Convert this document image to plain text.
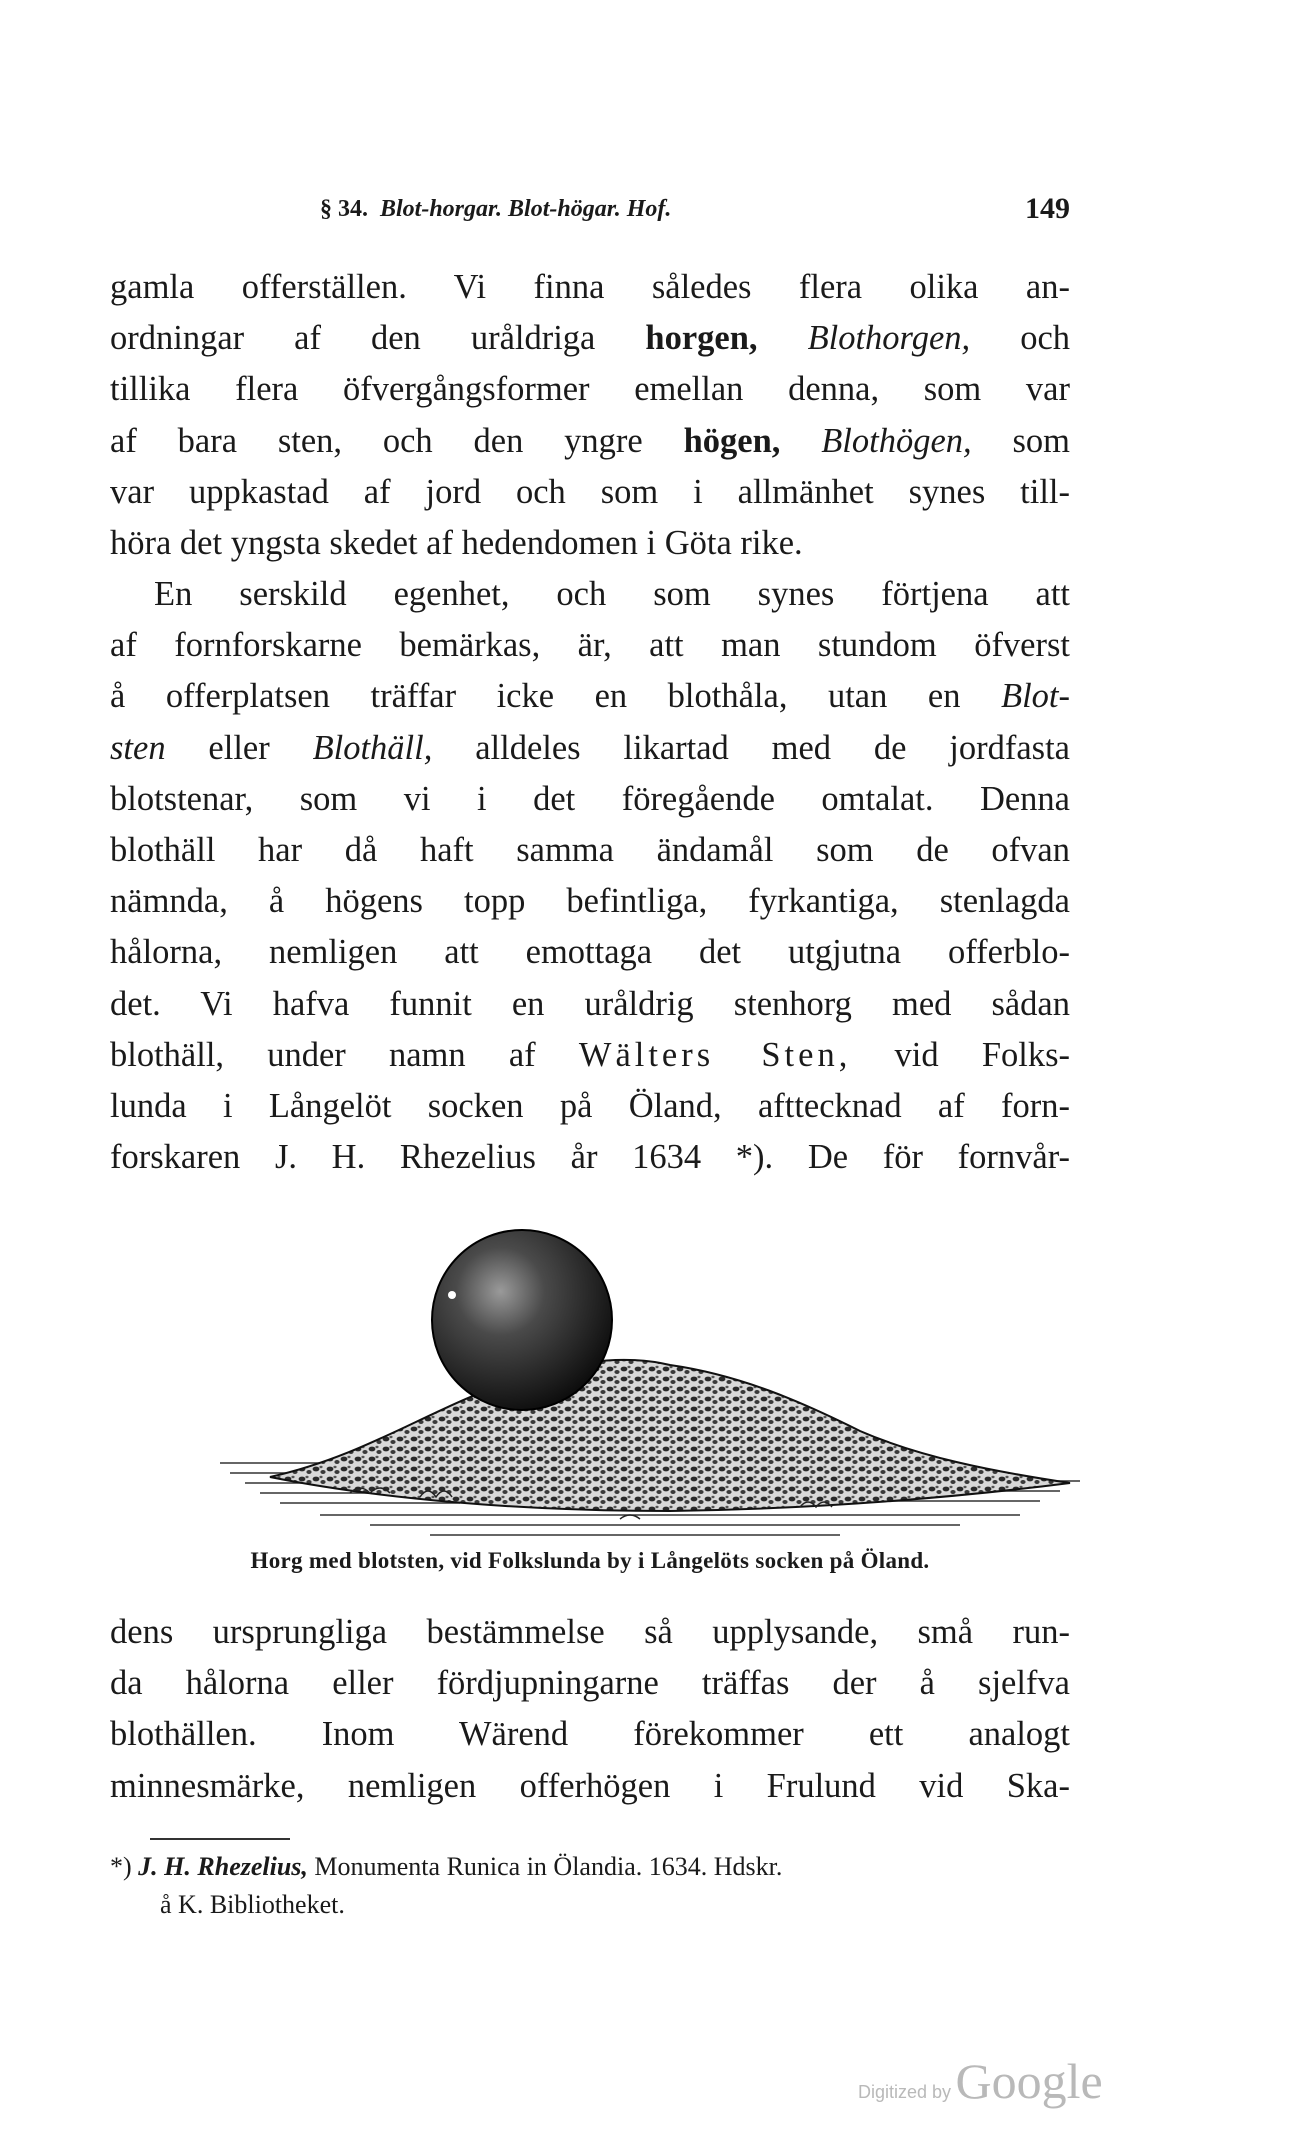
§ 34. Blot-horgar. Blot-högar. Hof.	149
gamla offerställen. Vi finna således flera olika an-
ordningar af den uråldriga horgen, Blothorgen, och
tillika flera öfvergångsformer emellan denna, som var
af bara sten, och den yngre högen, Blothögen, som
var uppkastad af jord och som i allmänhet synes till-
höra det yngsta skedet af hedendomen i Göta rike.
En serskild egenhet, och som synes förtjena att
af fornforskarne bemärkas, är, att man stundom öfverst
å offerplatsen träffar icke en blothåla, utan en Blot-
sten eller Blothäll, alldeles likartad med de jordfasta
blotstenar, som vi i det föregående omtalat. Denna
blothäll har då haft samma ändamål som de ofvan
nämnda, å högens topp befintliga, fyrkantiga, stenlagda
hålorna, nemligen att emottaga det utgjutna offerblo-
det. Vi hafva funnit en uråldrig stenhorg med sådan
blothäll, under namn af Wälters Sten, vid Folks-
lunda i Långelöt socken på Öland, afttecknad af forn-
forskaren J. H. Rhezelius år 1634 *). De för fornvår-
Horg med blotsten, vid Folkslunda by i Långelöts socken på Öland.
dens ursprungliga bestämmelse så upplysande, små run-
da hålorna eller fördjupningarne träffas der å sjelfva
blothällen. Inom Wärend förekommer ett analogt
minnesmärke, nemligen offerhögen i Frulund vid Ska-
*) J. H. Rhezelius, Monumenta Runica in Ölandia. 1634. Hdskr.
å K. Bibliotheket.
Digitized by Google
